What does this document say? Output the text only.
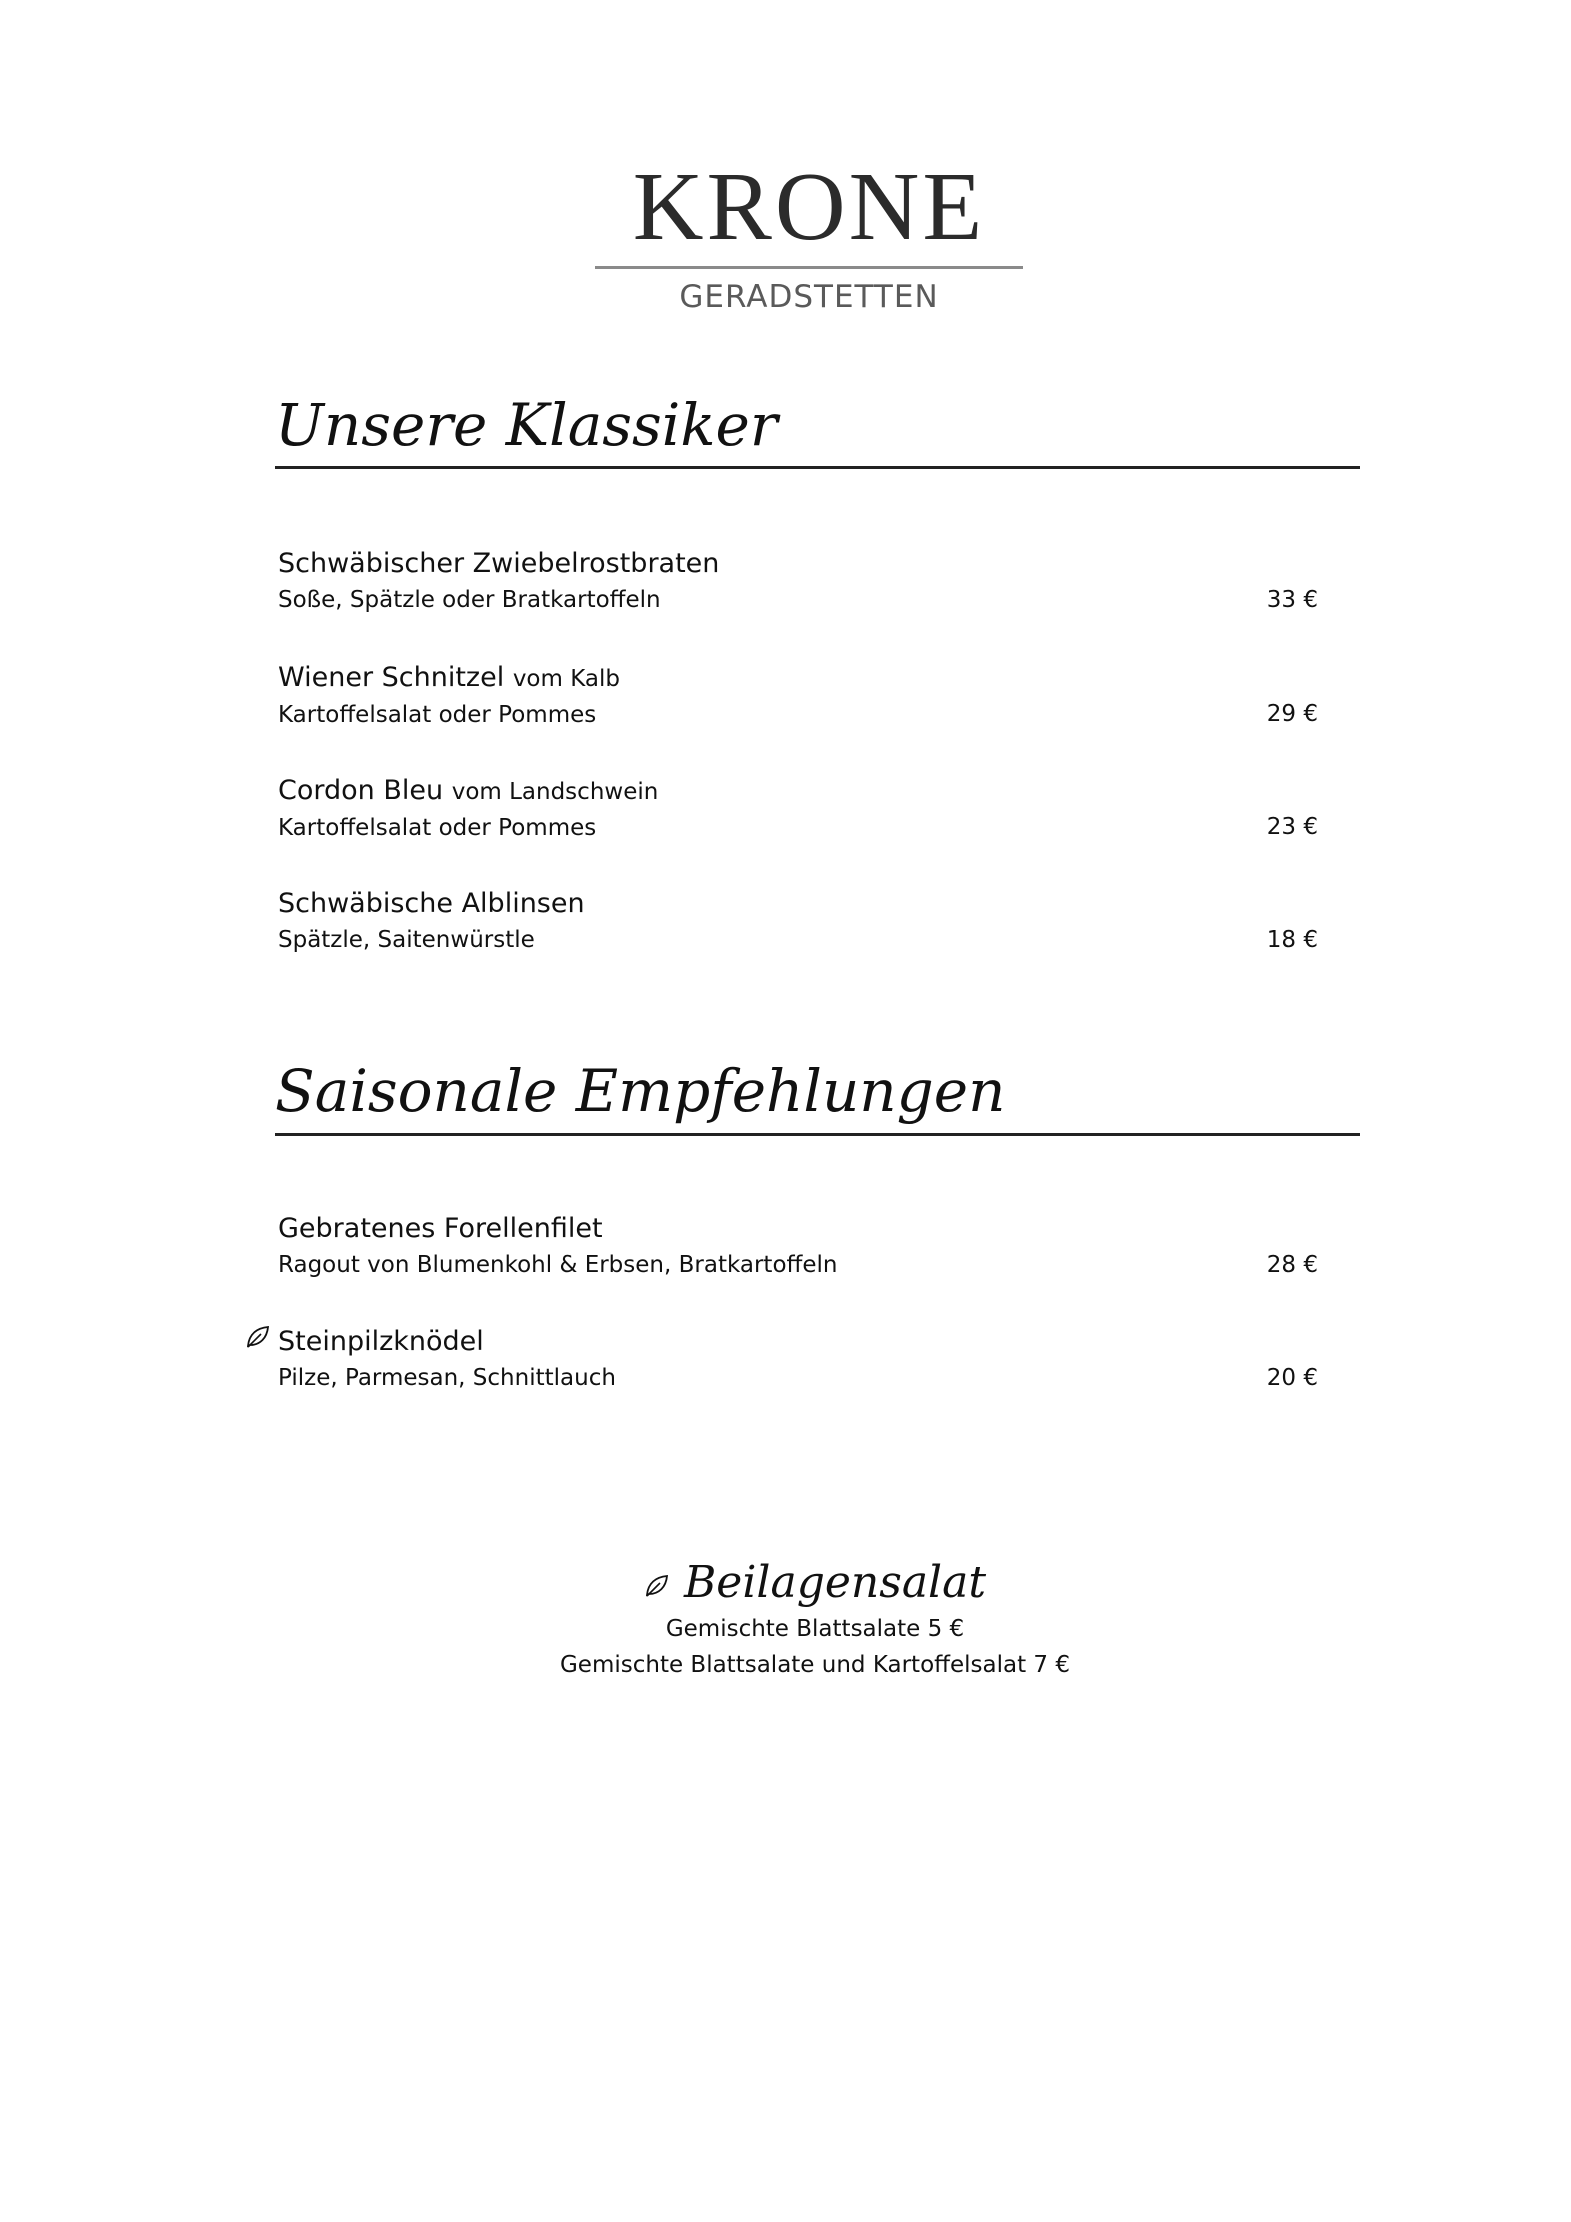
KRONE
GERADSTETTEN
Unsere Klassiker
Schwäbischer Zwiebelrostbraten
Soße, Spätzle oder Bratkartoffeln	33 €
Wiener Schnitzel vom Kalb
Kartoffelsalat oder Pommes	29 €
Cordon Bleu vom Landschwein
Kartoffelsalat oder Pommes	23 €
Schwäbische Alblinsen
Spätzle, Saitenwürstle	18 €
Saisonale Empfehlungen
Gebratenes Forellenfilet
Ragout von Blumenkohl & Erbsen, Bratkartoffeln	28 €
Steinpilzknödel
Pilze, Parmesan, Schnittlauch	20 €
Beilagensalat
Gemischte Blattsalate 5 €
Gemischte Blattsalate und Kartoffelsalat 7 €
